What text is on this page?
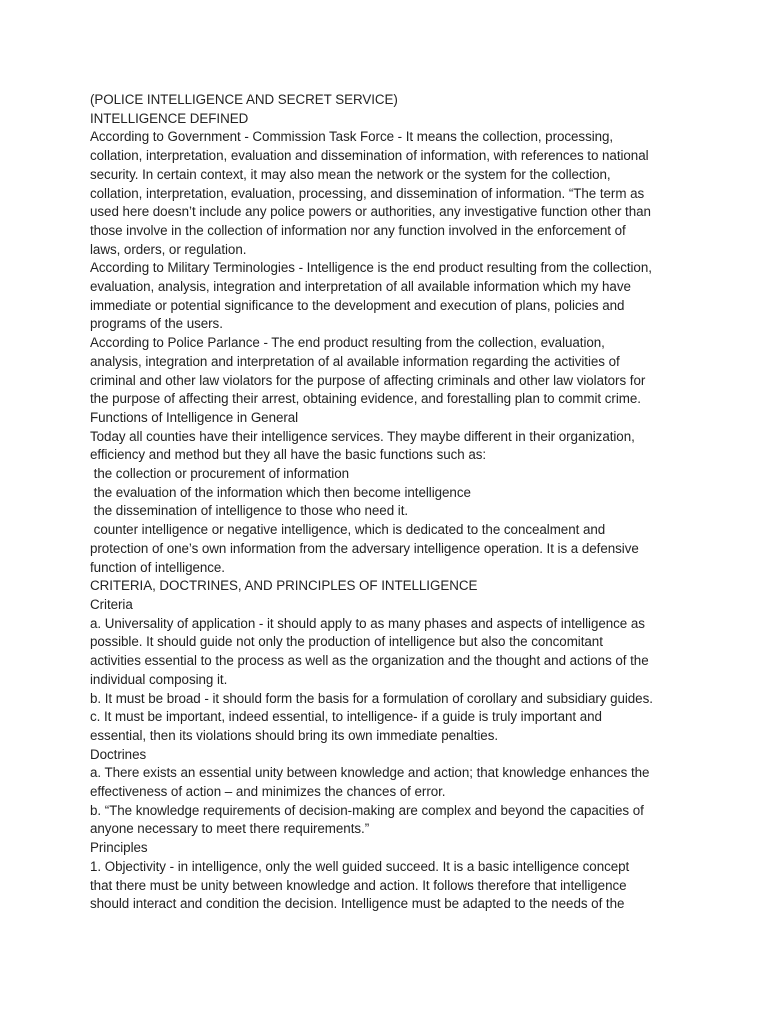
(POLICE INTELLIGENCE AND SECRET SERVICE)

INTELLIGENCE DEFINED

According to Government - Commission Task Force - It means the collection, processing,

collation, interpretation, evaluation and dissemination of information, with references to national

security. In certain context, it may also mean the network or the system for the collection,

collation, interpretation, evaluation, processing, and dissemination of information. “The term as

used here doesn’t include any police powers or authorities, any investigative function other than

those involve in the collection of information nor any function involved in the enforcement of

laws, orders, or regulation.

According to Military Terminologies - Intelligence is the end product resulting from the collection,

evaluation, analysis, integration and interpretation of all available information which my have

immediate or potential significance to the development and execution of plans, policies and

programs of the users.

According to Police Parlance - The end product resulting from the collection, evaluation,

analysis, integration and interpretation of al available information regarding the activities of

criminal and other law violators for the purpose of affecting criminals and other law violators for

the purpose of affecting their arrest, obtaining evidence, and forestalling plan to commit crime.

Functions of Intelligence in General

Today all counties have their intelligence services. They maybe different in their organization,

efficiency and method but they all have the basic functions such as:

the collection or procurement of information

the evaluation of the information which then become intelligence

the dissemination of intelligence to those who need it.

counter intelligence or negative intelligence, which is dedicated to the concealment and

protection of one’s own information from the adversary intelligence operation. It is a defensive

function of intelligence.

CRITERIA, DOCTRINES, AND PRINCIPLES OF INTELLIGENCE

Criteria

a. Universality of application - it should apply to as many phases and aspects of intelligence as

possible. It should guide not only the production of intelligence but also the concomitant

activities essential to the process as well as the organization and the thought and actions of the

individual composing it.

b. It must be broad - it should form the basis for a formulation of corollary and subsidiary guides.

c. It must be important, indeed essential, to intelligence- if a guide is truly important and

essential, then its violations should bring its own immediate penalties.

Doctrines

a. There exists an essential unity between knowledge and action; that knowledge enhances the

effectiveness of action – and minimizes the chances of error.

b. “The knowledge requirements of decision-making are complex and beyond the capacities of

anyone necessary to meet there requirements.”

Principles

1. Objectivity - in intelligence, only the well guided succeed. It is a basic intelligence concept

that there must be unity between knowledge and action. It follows therefore that intelligence

should interact and condition the decision. Intelligence must be adapted to the needs of the
